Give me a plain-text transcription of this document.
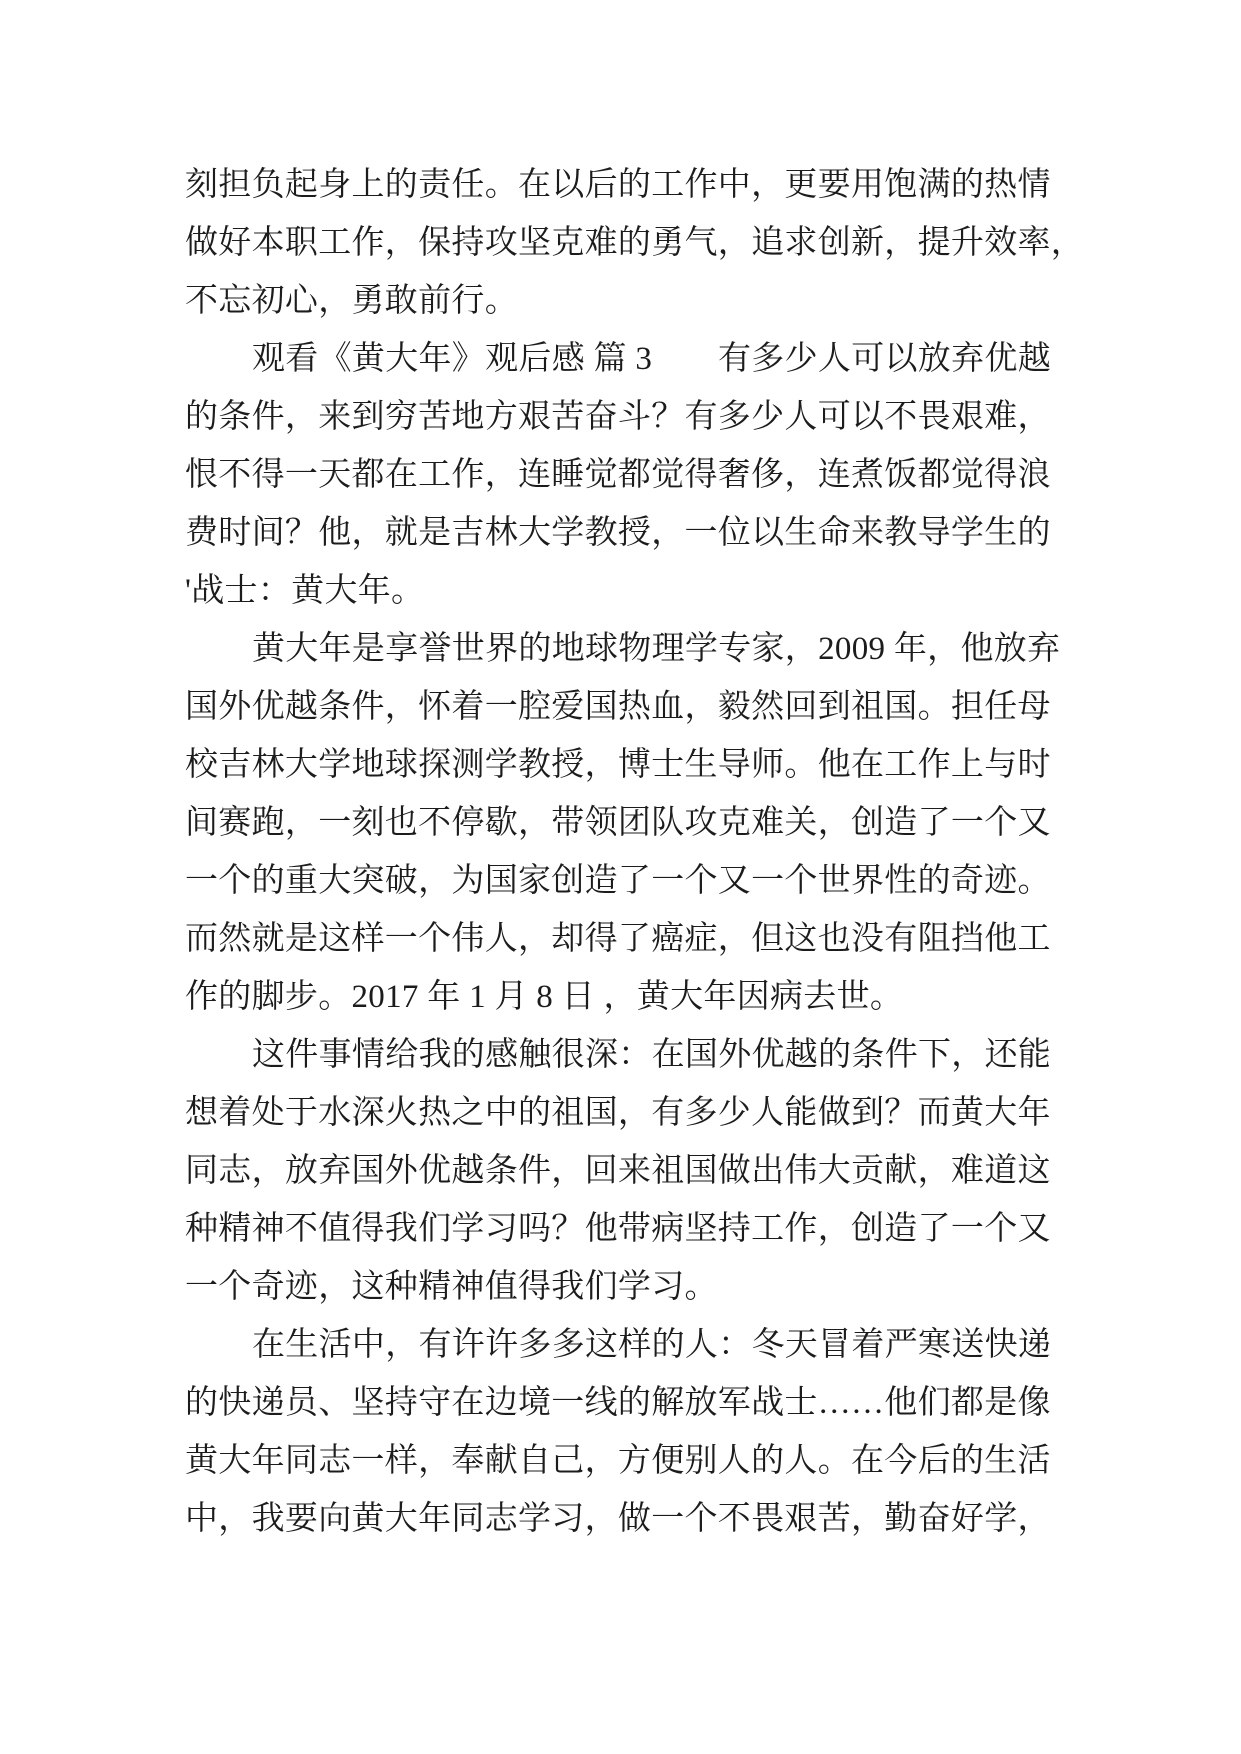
刻担负起身上的责任。在以后的工作中，更要用饱满的热情
做好本职工作，保持攻坚克难的勇气，追求创新，提升效率，
不忘初心，勇敢前行。
观看《黄大年》观后感 篇 3 有多少人可以放弃优越
的条件，来到穷苦地方艰苦奋斗？有多少人可以不畏艰难，
恨不得一天都在工作，连睡觉都觉得奢侈，连煮饭都觉得浪
费时间？他，就是吉林大学教授，一位以生命来教导学生的
'战士：黄大年。
黄大年是享誉世界的地球物理学专家，2009 年，他放弃
国外优越条件，怀着一腔爱国热血，毅然回到祖国。担任母
校吉林大学地球探测学教授，博士生导师。他在工作上与时
间赛跑，一刻也不停歇，带领团队攻克难关，创造了一个又
一个的重大突破，为国家创造了一个又一个世界性的奇迹。
而然就是这样一个伟人，却得了癌症，但这也没有阻挡他工
作的脚步。2017 年 1 月 8 日 ，黄大年因病去世。
这件事情给我的感触很深：在国外优越的条件下，还能
想着处于水深火热之中的祖国，有多少人能做到？而黄大年
同志，放弃国外优越条件，回来祖国做出伟大贡献，难道这
种精神不值得我们学习吗？他带病坚持工作，创造了一个又
一个奇迹，这种精神值得我们学习。
在生活中，有许许多多这样的人：冬天冒着严寒送快递
的快递员、坚持守在边境一线的解放军战士……他们都是像
黄大年同志一样，奉献自己，方便别人的人。在今后的生活
中，我要向黄大年同志学习，做一个不畏艰苦，勤奋好学，
